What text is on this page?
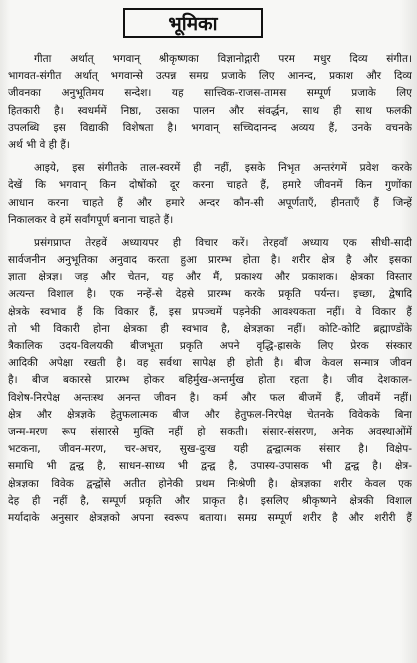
भूमिका
गीता अर्थात् भगवान् श्रीकृष्णका विज्ञानोद्गारी परम मधुर दिव्य संगीत।
भागवत-संगीत अर्थात् भगवान्से उत्पन्न समग्र प्रजाके लिए आनन्द, प्रकाश और दिव्य
जीवनका अनुभूतिमय सन्देश। यह सात्त्विक-राजस-तामस सम्पूर्ण प्रजाके लिए
हितकारी है। स्वधर्ममें निष्ठा, उसका पालन और संवर्द्धन, साथ ही साथ फलकी
उपलब्धि इस विद्याकी विशेषता है। भगवान् सच्चिदानन्द अव्यय हैं, उनके वचनके
अर्थ भी वे ही हैं।
आइये, इस संगीतके ताल-स्वरमें ही नहीं, इसके निभृत अन्तरंगमें प्रवेश करके
देखें कि भगवान् किन दोषोंको दूर करना चाहते हैं, हमारे जीवनमें किन गुणोंका
आधान करना चाहते हैं और हमारे अन्दर कौन-सी अपूर्णताएँ, हीनताएँ हैं जिन्हें
निकालकर वे हमें सर्वांगपूर्ण बनाना चाहते हैं।
प्रसंगप्राप्त तेरहवें अध्यायपर ही विचार करें। तेरहवाँ अध्याय एक सीधी-सादी
सार्वजनीन अनुभूतिका अनुवाद करता हुआ प्रारम्भ होता है। शरीर क्षेत्र है और इसका
ज्ञाता क्षेत्रज्ञ। जड़ और चेतन, यह और मैं, प्रकाश्य और प्रकाशक। क्षेत्रका विस्तार
अत्यन्त विशाल है। एक नन्हें-से देहसे प्रारम्भ करके प्रकृति पर्यन्त। इच्छा, द्वेषादि
क्षेत्रके स्वभाव हैं कि विकार हैं, इस प्रपञ्चमें पड़नेकी आवश्यकता नहीं। वे विकार हैं
तो भी विकारी होना क्षेत्रका ही स्वभाव है, क्षेत्रज्ञका नहीं। कोटि-कोटि ब्रह्माण्डोंके
त्रैकालिक उदय-विलयकी बीजभूता प्रकृति अपने वृद्धि-ह्रासके लिए प्रेरक संस्कार
आदिकी अपेक्षा रखती है। वह सर्वथा सापेक्ष ही होती है। बीज केवल सन्मात्र जीवन
है। बीज बकारसे प्रारम्भ होकर बहिर्मुख-अन्तर्मुख होता रहता है। जीव देशकाल-
विशेष-निरपेक्ष अन्तःस्थ अनन्त जीवन है। कर्म और फल बीजमें हैं, जीवमें नहीं।
क्षेत्र और क्षेत्रज्ञके हेतुफलात्मक बीज और हेतुफल-निरपेक्ष चेतनके विवेकके बिना
जन्म-मरण रूप संसारसे मुक्ति नहीं हो सकती। संसार-संसरण, अनेक अवस्थाओंमें
भटकना, जीवन-मरण, चर-अचर, सुख-दुःख यही द्वन्द्वात्मक संसार है। विक्षेप-
समाधि भी द्वन्द्व है, साधन-साध्य भी द्वन्द्व है, उपास्य-उपासक भी द्वन्द्व है। क्षेत्र-
क्षेत्रज्ञका विवेक द्वन्द्वोंसे अतीत होनेकी प्रथम निःश्रेणी है। क्षेत्रज्ञका शरीर केवल एक
देह ही नहीं है, सम्पूर्ण प्रकृति और प्राकृत है। इसलिए श्रीकृष्णने क्षेत्रकी विशाल
मर्यादाके अनुसार क्षेत्रज्ञको अपना स्वरूप बताया। समग्र सम्पूर्ण शरीर है और शरीरी हैं
